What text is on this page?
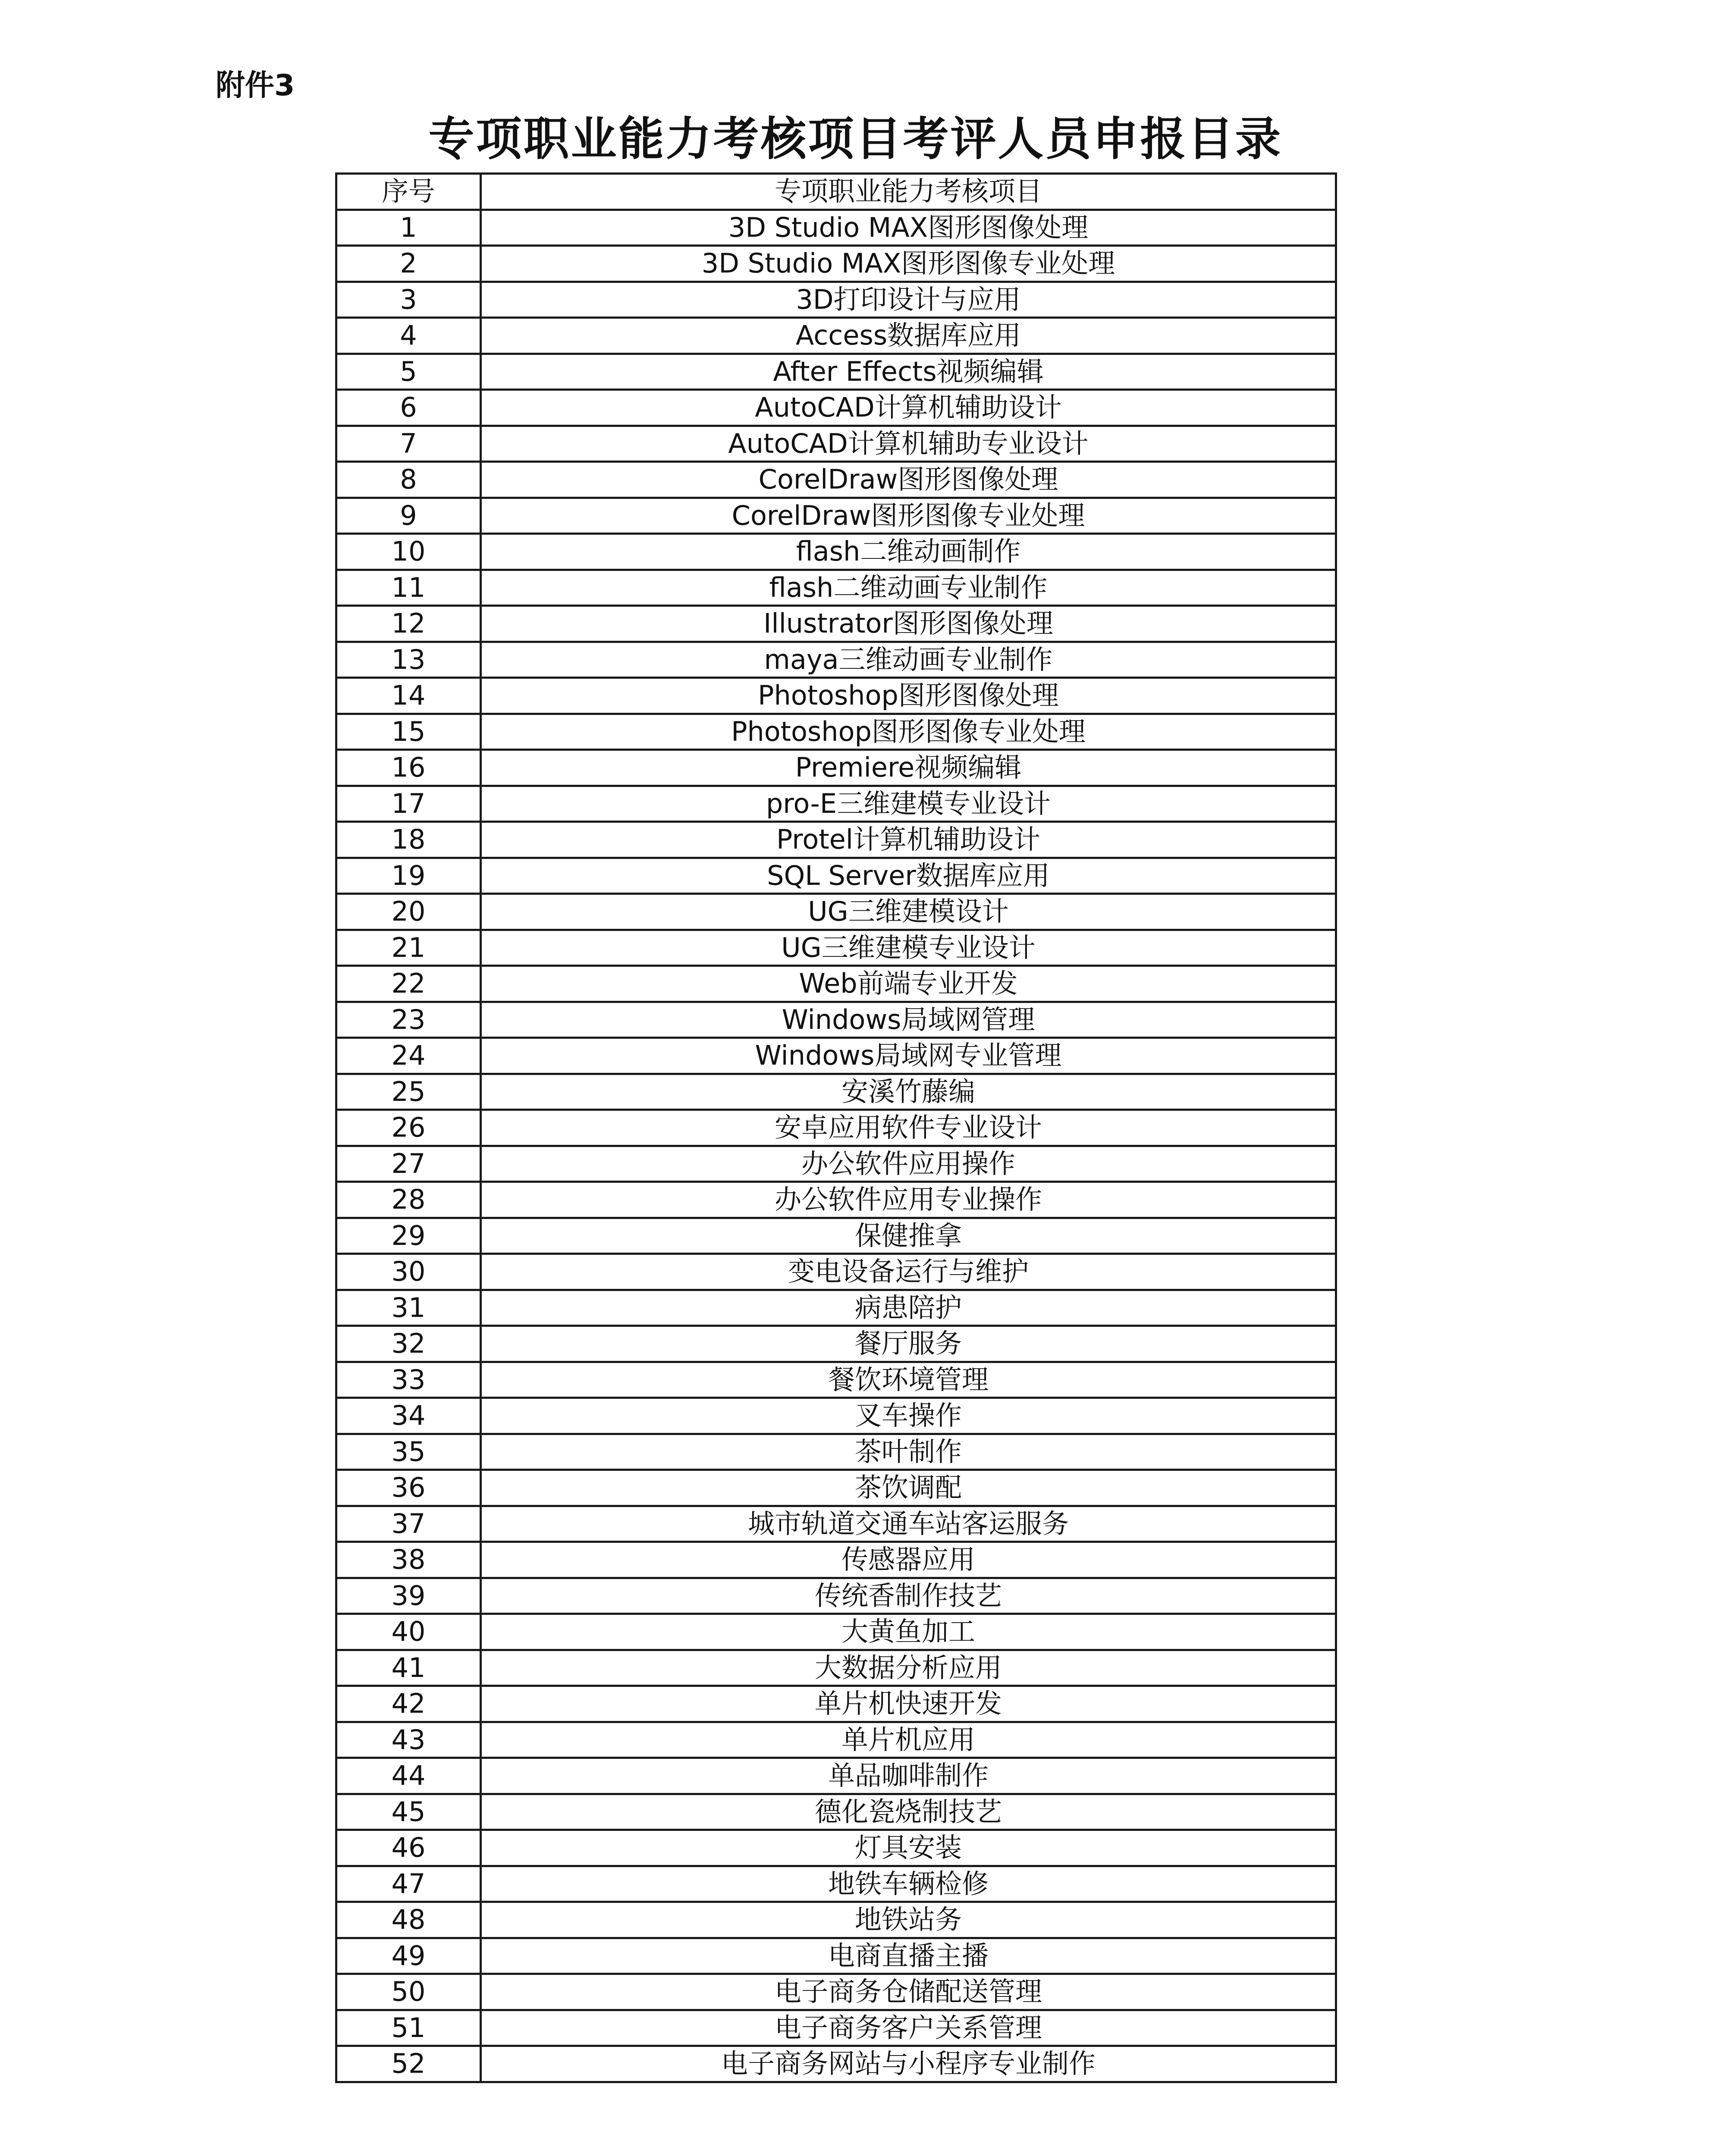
附件3
专项职业能力考核项目考评人员申报目录
序号	专项职业能力考核项目
1	3D Studio MAX图形图像处理
2	3D Studio MAX图形图像专业处理
3	3D打印设计与应用
4	Access数据库应用
5	After Effects视频编辑
6	AutoCAD计算机辅助设计
7	AutoCAD计算机辅助专业设计
8	CorelDraw图形图像处理
9	CorelDraw图形图像专业处理
10	flash二维动画制作
11	flash二维动画专业制作
12	Illustrator图形图像处理
13	maya三维动画专业制作
14	Photoshop图形图像处理
15	Photoshop图形图像专业处理
16	Premiere视频编辑
17	pro-E三维建模专业设计
18	Protel计算机辅助设计
19	SQL Server数据库应用
20	UG三维建模设计
21	UG三维建模专业设计
22	Web前端专业开发
23	Windows局域网管理
24	Windows局域网专业管理
25	安溪竹藤编
26	安卓应用软件专业设计
27	办公软件应用操作
28	办公软件应用专业操作
29	保健推拿
30	变电设备运行与维护
31	病患陪护
32	餐厅服务
33	餐饮环境管理
34	叉车操作
35	茶叶制作
36	茶饮调配
37	城市轨道交通车站客运服务
38	传感器应用
39	传统香制作技艺
40	大黄鱼加工
41	大数据分析应用
42	单片机快速开发
43	单片机应用
44	单品咖啡制作
45	德化瓷烧制技艺
46	灯具安装
47	地铁车辆检修
48	地铁站务
49	电商直播主播
50	电子商务仓储配送管理
51	电子商务客户关系管理
52	电子商务网站与小程序专业制作
